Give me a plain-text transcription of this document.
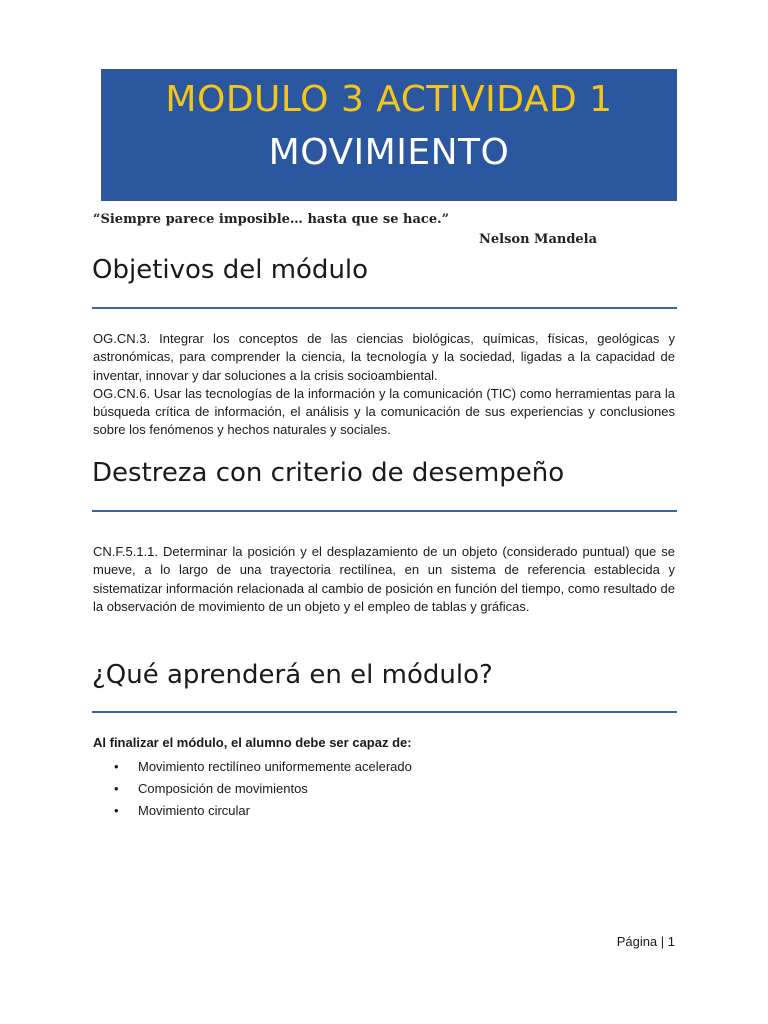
MODULO 3 ACTIVIDAD 1
MOVIMIENTO
“Siempre parece imposible… hasta que se hace.”
Nelson Mandela
Objetivos del módulo

OG.CN.3. Integrar los conceptos de las ciencias biológicas, químicas, físicas, geológicas y astronómicas, para comprender la ciencia, la tecnología y la sociedad, ligadas a la capacidad de inventar, innovar y dar soluciones a la crisis socioambiental.

OG.CN.6. Usar las tecnologías de la información y la comunicación (TIC) como herramientas para la búsqueda crítica de información, el análisis y la comunicación de sus experiencias y conclusiones sobre los fenómenos y hechos naturales y sociales.

Destreza con criterio de desempeño
CN.F.5.1.1. Determinar la posición y el desplazamiento de un objeto (considerado puntual) que se mueve, a lo largo de una trayectoria rectilínea, en un sistema de referencia establecida y sistematizar información relacionada al cambio de posición en función del tiempo, como resultado de la observación de movimiento de un objeto y el empleo de tablas y gráficas.
¿Qué aprenderá en el módulo?
Al finalizar el módulo, el alumno debe ser capaz de:
• Movimiento rectilíneo uniformemente acelerado
• Composición de movimientos
• Movimiento circular
Página | 1
